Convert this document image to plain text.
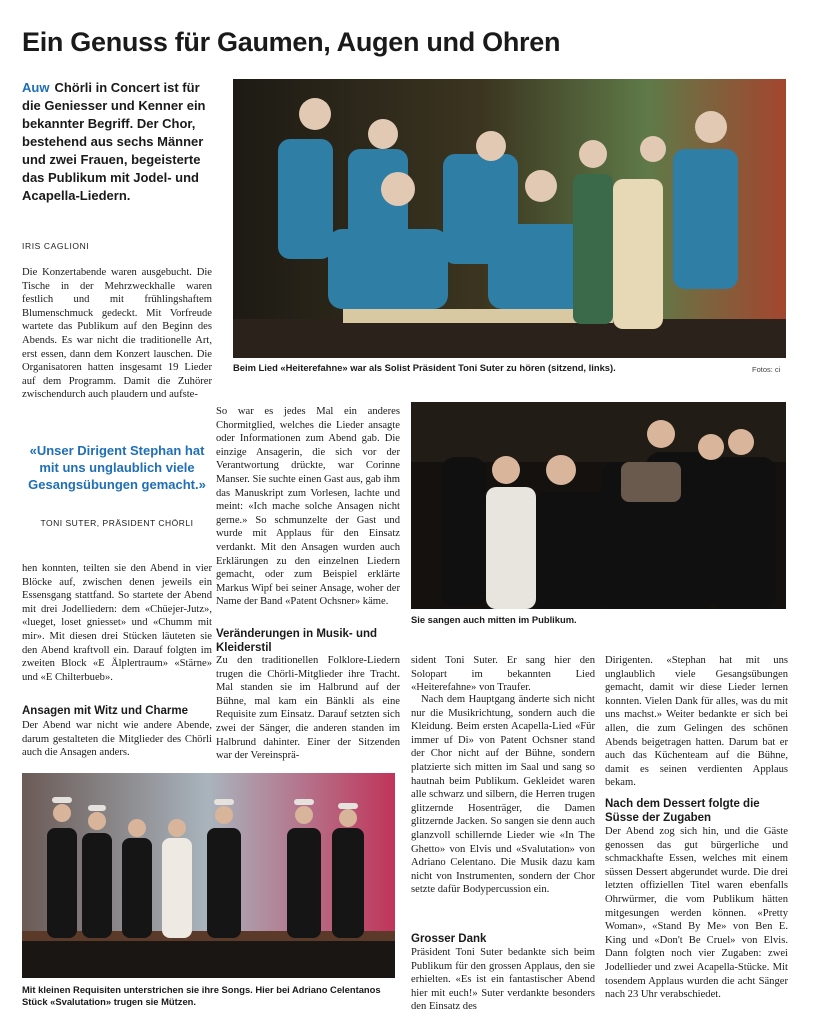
Ein Genuss für Gaumen, Augen und Ohren
Auw Chörli in Concert ist für die Geniesser und Kenner ein bekannter Begriff. Der Chor, bestehend aus sechs Männer und zwei Frauen, begeisterte das Publikum mit Jodel- und Acapella-Liedern.
IRIS CAGLIONI
Die Konzertabende waren ausgebucht. Die Tische in der Mehrzweckhalle waren festlich und mit frühlingshaftem Blumenschmuck gedeckt. Mit Vorfreude wartete das Publikum auf den Beginn des Abends. Es war nicht die traditionelle Art, erst essen, dann dem Konzert lauschen. Die Organisatoren hatten insgesamt 19 Lieder auf dem Programm. Damit die Zuhörer zwischendurch auch plaudern und aufste-
«Unser Dirigent Stephan hat mit uns unglaublich viele Gesangsübungen gemacht.»
TONI SUTER, PRÄSIDENT CHÖRLI
hen konnten, teilten sie den Abend in vier Blöcke auf, zwischen denen jeweils ein Essensgang stattfand. So startete der Abend mit drei Jodelliedern: dem «Chüejer-Jutz», «lueget, loset gniesset» und «Chumm mit mir». Mit diesen drei Stücken läuteten sie den Abend kraftvoll ein. Darauf folgten im zweiten Block «E Älplertraum» «Stärne» und «E Chilterbueb».
Ansagen mit Witz und Charme
Der Abend war nicht wie andere Abende, darum gestalteten die Mitglieder des Chörli auch die Ansagen anders.
Beim Lied «Heiterefahne» war als Solist Präsident Toni Suter zu hören (sitzend, links).	Fotos: ci
So war es jedes Mal ein anderes Chormitglied, welches die Lieder ansagte oder Informationen zum Abend gab. Die einzige Ansagerin, die sich vor der Verantwortung drückte, war Corinne Manser. Sie suchte einen Gast aus, gab ihm das Manuskript zum Vorlesen, lachte und meint: «Ich mache solche Ansagen nicht gerne.» So schmunzelte der Gast und wurde mit Applaus für den Einsatz verdankt. Mit den Ansagen wurden auch Erklärungen zu den einzelnen Liedern gemacht, oder zum Beispiel erklärte Markus Wipf bei seiner Ansage, woher der Name der Band «Patent Ochsner» käme.
Veränderungen in Musik- und Kleiderstil
Zu den traditionellen Folklore-Liedern trugen die Chörli-Mitglieder ihre Tracht. Mal standen sie im Halbrund auf der Bühne, mal kam ein Bänkli als eine Requisite zum Einsatz. Darauf setzten sich zwei der Sänger, die anderen standen im Halbrund dahinter. Einer der Sitzenden war der Vereinsprä-
Sie sangen auch mitten im Publikum.
sident Toni Suter. Er sang hier den Solopart im bekannten Lied «Heiterefahne» von Traufer.
Nach dem Hauptgang änderte sich nicht nur die Musikrichtung, sondern auch die Kleidung. Beim ersten Acapella-Lied «Für immer uf Di» von Patent Ochsner stand der Chor nicht auf der Bühne, sondern platzierte sich mitten im Saal und sang so hautnah beim Publikum. Gekleidet waren alle schwarz und silbern, die Herren trugen glitzernde Hosenträger, die Damen glitzernde Jacken. So sangen sie denn auch glanzvoll schillernde Lieder wie «In The Ghetto» von Elvis und «Svalutation» von Adriano Celentano. Die Musik dazu kam nicht von Instrumenten, sondern der Chor setzte dafür Bodypercussion ein.
Grosser Dank
Präsident Toni Suter bedankte sich beim Publikum für den grossen Applaus, den sie erhielten. «Es ist ein fantastischer Abend hier mit euch!» Suter verdankte besonders den Einsatz des
Dirigenten. «Stephan hat mit uns unglaublich viele Gesangsübungen gemacht, damit wir diese Lieder lernen konnten. Vielen Dank für alles, was du mit uns machst.» Weiter bedankte er sich bei allen, die zum Gelingen des schönen Abends beigetragen hatten. Darum bat er auch das Küchenteam auf die Bühne, damit es seinen verdienten Applaus bekam.
Nach dem Dessert folgte die Süsse der Zugaben
Der Abend zog sich hin, und die Gäste genossen das gut bürgerliche und schmackhafte Essen, welches mit einem süssen Dessert abgerundet wurde. Die drei letzten offiziellen Titel waren ebenfalls Ohrwürmer, die vom Publikum hätten mitgesungen werden können. «Pretty Woman», «Stand By Me» von Ben E. King und «Don't Be Cruel» von Elvis. Dann folgten noch vier Zugaben: zwei Jodellieder und zwei Acapella-Stücke. Mit tosendem Applaus wurden die acht Sänger nach 23 Uhr verabschiedet.
Mit kleinen Requisiten unterstrichen sie ihre Songs. Hier bei Adriano Celentanos Stück «Svalutation» trugen sie Mützen.
